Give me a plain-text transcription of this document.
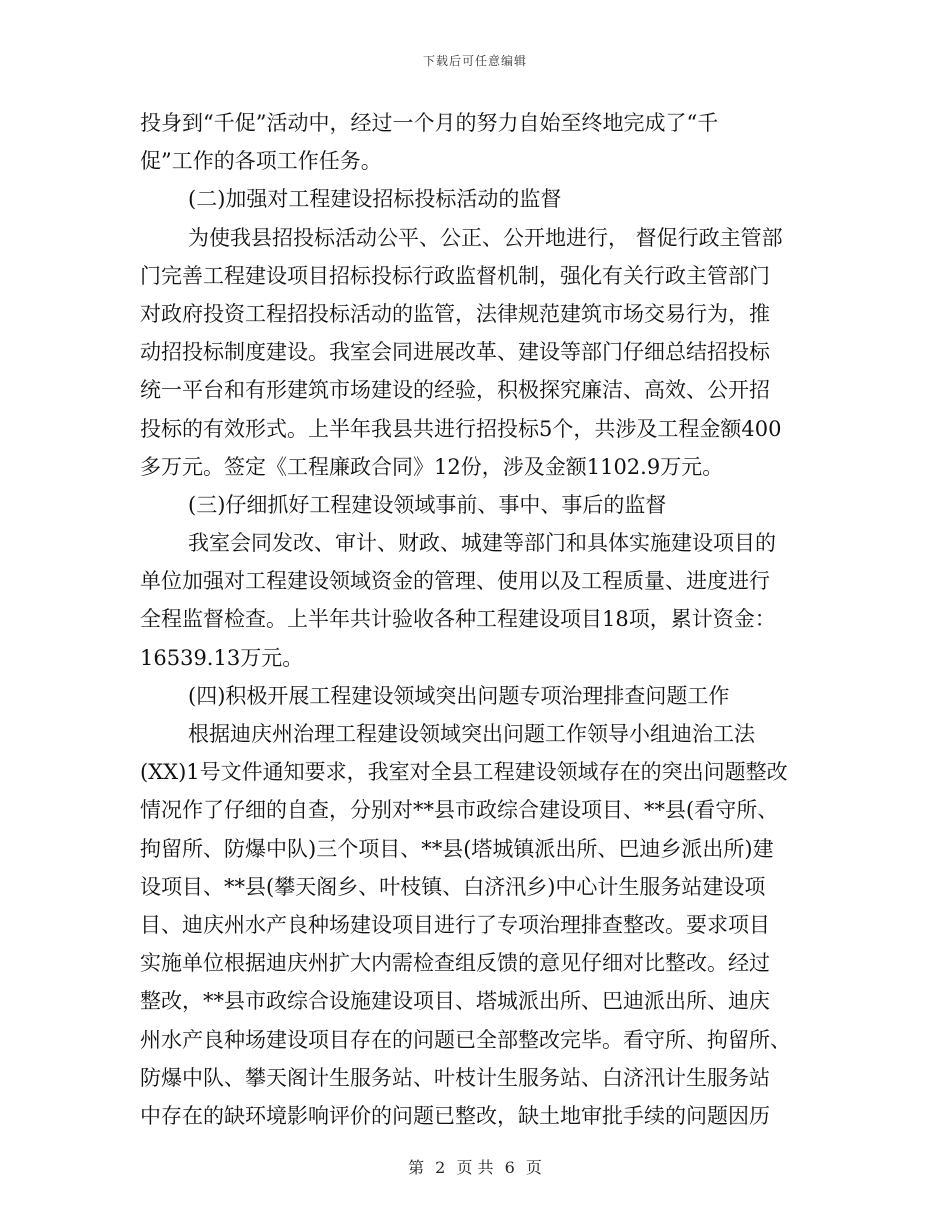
下载后可任意编辑
投身到“千促”活动中，经过一个月的努力自始至终地完成了“千
促”工作的各项工作任务。
(二)加强对工程建设招标投标活动的监督
为使我县招投标活动公平、公正、公开地进行， 督促行政主管部
门完善工程建设项目招标投标行政监督机制，强化有关行政主管部门
对政府投资工程招投标活动的监管，法律规范建筑市场交易行为，推
动招投标制度建设。我室会同进展改革、建设等部门仔细总结招投标
统一平台和有形建筑市场建设的经验，积极探究廉洁、高效、公开招
投标的有效形式。上半年我县共进行招投标5个，共涉及工程金额400
多万元。签定《工程廉政合同》12份，涉及金额1102.9万元。
(三)仔细抓好工程建设领域事前、事中、事后的监督
我室会同发改、审计、财政、城建等部门和具体实施建设项目的
单位加强对工程建设领域资金的管理、使用以及工程质量、进度进行
全程监督检查。上半年共计验收各种工程建设项目18项，累计资金：
16539.13万元。
(四)积极开展工程建设领域突出问题专项治理排查问题工作
根据迪庆州治理工程建设领域突出问题工作领导小组迪治工法
(XX)1号文件通知要求，我室对全县工程建设领域存在的突出问题整改
情况作了仔细的自查，分别对**县市政综合建设项目、**县(看守所、
拘留所、防爆中队)三个项目、**县(塔城镇派出所、巴迪乡派出所)建
设项目、**县(攀天阁乡、叶枝镇、白济汛乡)中心计生服务站建设项
目、迪庆州水产良种场建设项目进行了专项治理排查整改。要求项目
实施单位根据迪庆州扩大内需检查组反馈的意见仔细对比整改。经过
整改，**县市政综合设施建设项目、塔城派出所、巴迪派出所、迪庆
州水产良种场建设项目存在的问题已全部整改完毕。看守所、拘留所、
防爆中队、攀天阁计生服务站、叶枝计生服务站、白济汛计生服务站
中存在的缺环境影响评价的问题已整改，缺土地审批手续的问题因历
第 2 页 共 6 页
